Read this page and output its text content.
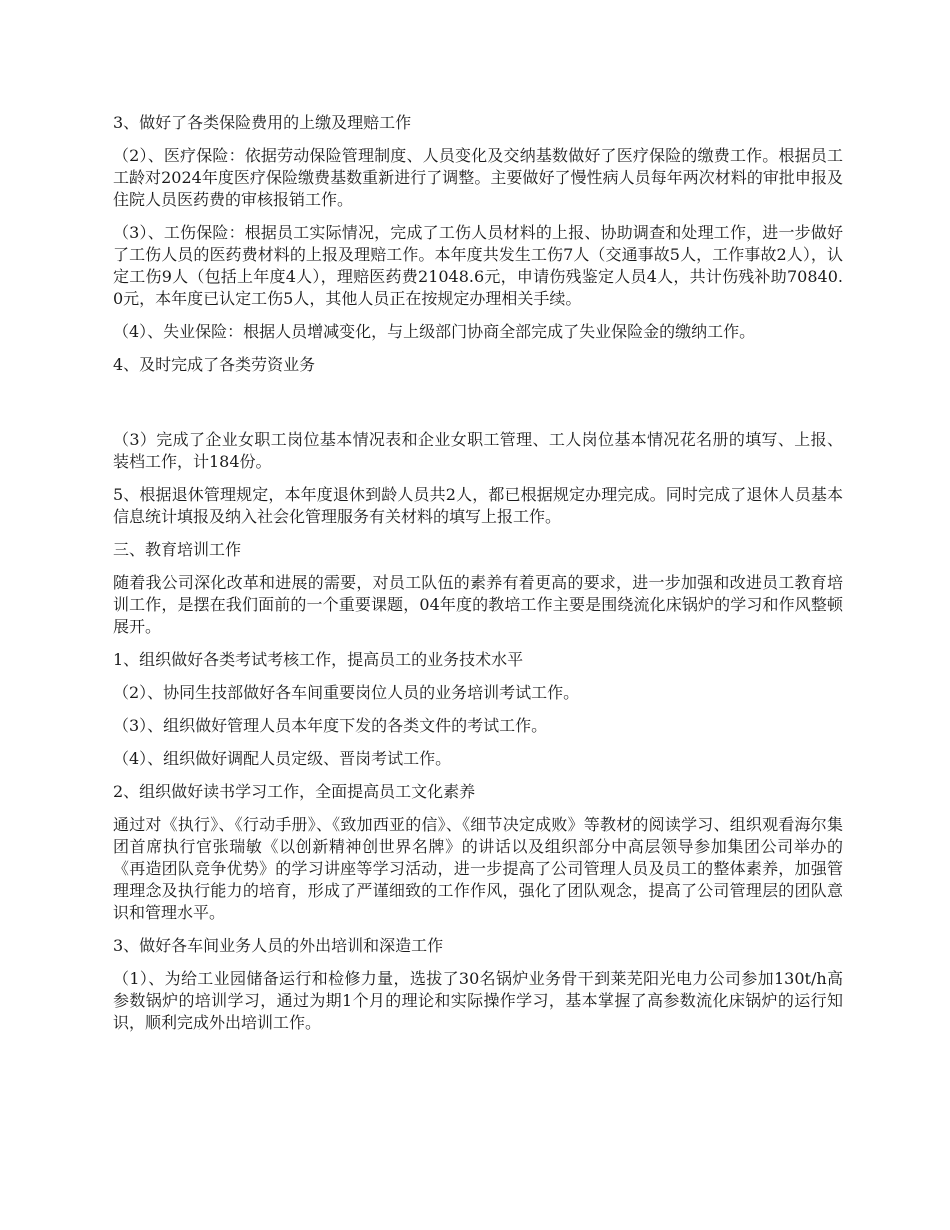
3、做好了各类保险费用的上缴及理赔工作

（2）、医疗保险：依据劳动保险管理制度、人员变化及交纳基数做好了医疗保险的缴费工作。根据员工工龄对2024年度医疗保险缴费基数重新进行了调整。主要做好了慢性病人员每年两次材料的审批申报及住院人员医药费的审核报销工作。

（3）、工伤保险：根据员工实际情况，完成了工伤人员材料的上报、协助调查和处理工作，进一步做好了工伤人员的医药费材料的上报及理赔工作。本年度共发生工伤7人（交通事故5人，工作事故2人），认定工伤9人（包括上年度4人），理赔医药费21048.6元，申请伤残鉴定人员4人，共计伤残补助70840.0元，本年度已认定工伤5人，其他人员正在按规定办理相关手续。

（4）、失业保险：根据人员增减变化，与上级部门协商全部完成了失业保险金的缴纳工作。

4、及时完成了各类劳资业务

（3）完成了企业女职工岗位基本情况表和企业女职工管理、工人岗位基本情况花名册的填写、上报、装档工作，计184份。

5、根据退休管理规定，本年度退休到龄人员共2人，都已根据规定办理完成。同时完成了退休人员基本信息统计填报及纳入社会化管理服务有关材料的填写上报工作。

三、教育培训工作

随着我公司深化改革和进展的需要，对员工队伍的素养有着更高的要求，进一步加强和改进员工教育培训工作，是摆在我们面前的一个重要课题，04年度的教培工作主要是围绕流化床锅炉的学习和作风整顿展开。

1、组织做好各类考试考核工作，提高员工的业务技术水平

（2）、协同生技部做好各车间重要岗位人员的业务培训考试工作。

（3）、组织做好管理人员本年度下发的各类文件的考试工作。

（4）、组织做好调配人员定级、晋岗考试工作。

2、组织做好读书学习工作，全面提高员工文化素养

通过对《执行》、《行动手册》、《致加西亚的信》、《细节决定成败》等教材的阅读学习、组织观看海尔集团首席执行官张瑞敏《以创新精神创世界名牌》的讲话以及组织部分中高层领导参加集团公司举办的《再造团队竞争优势》的学习讲座等学习活动，进一步提高了公司管理人员及员工的整体素养，加强管理理念及执行能力的培育，形成了严谨细致的工作作风，强化了团队观念，提高了公司管理层的团队意识和管理水平。

3、做好各车间业务人员的外出培训和深造工作

（1）、为给工业园储备运行和检修力量，选拔了30名锅炉业务骨干到莱芜阳光电力公司参加130t/h高参数锅炉的培训学习，通过为期1个月的理论和实际操作学习，基本掌握了高参数流化床锅炉的运行知识，顺利完成外出培训工作。
